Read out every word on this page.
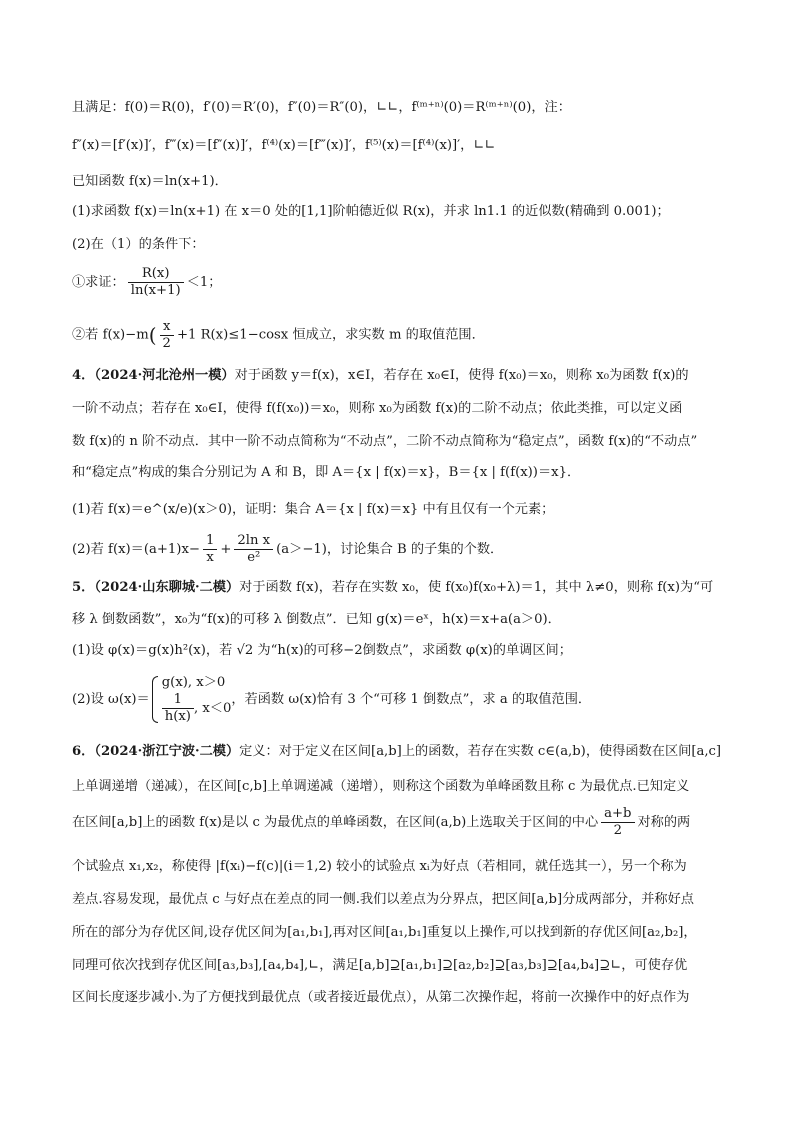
且满足：f(0)＝R(0)，f′(0)＝R′(0)，f″(0)＝R″(0)，∟∟，f⁽ᵐ⁺ⁿ⁾(0)＝R⁽ᵐ⁺ⁿ⁾(0)，注：
f″(x)＝[f′(x)]′，f‴(x)＝[f″(x)]′，f⁽⁴⁾(x)＝[f‴(x)]′，f⁽⁵⁾(x)＝[f⁽⁴⁾(x)]′，∟∟
已知函数 f(x)＝ln(x+1)．
(1)求函数 f(x)＝ln(x+1) 在 x＝0 处的[1,1]阶帕德近似 R(x)，并求 ln1.1 的近似数(精确到 0.001)；
(2)在（1）的条件下：
①求证： $\frac{R(x)}{\ln(x+1)} <1$；
②若 $f(x)-m( \frac{x}{2} +1$ R(x)≤1−cosx 恒成立，求实数 m 的取值范围．
4．（2024·河北沧州一模）对于函数 y＝f(x)，x∈I，若存在 x₀∈I，使得 f(x₀)＝x₀，则称 x₀为函数 f(x)的
一阶不动点；若存在 x₀∈I，使得 f(f(x₀))＝x₀，则称 x₀为函数 f(x)的二阶不动点；依此类推，可以定义函
数 f(x)的 n 阶不动点．其中一阶不动点简称为“不动点”，二阶不动点简称为“稳定点”，函数 f(x)的“不动点”
和“稳定点”构成的集合分别记为 A 和 B，即 A＝{x | f(x)＝x}，B＝{x | f(f(x))＝x}．
(1)若 f(x)＝e^(x/e)(x＞0)，证明：集合 A＝{x | f(x)＝x} 中有且仅有一个元素；
(2)若 $f(x)=(a+1)x- \frac{1}{x} + \frac{\text{2ln x}}{\text{e²}} (a>-1)$，讨论集合 B 的子集的个数．
5．（2024·山东聊城·二模）对于函数 f(x)，若存在实数 x₀，使 f(x₀)f(x₀+λ)＝1，其中 λ≠0，则称 f(x)为“可
移 λ 倒数函数”，x₀为“f(x)的可移 λ 倒数点”．已知 g(x)＝eˣ，h(x)＝x+a(a＞0)．
(1)设 φ(x)＝g(x)h²(x)，若 √2 为“h(x)的可移−2倒数点”，求函数 φ(x)的单调区间；
(2)设 ω(x)＝
g(x), x＞0
$\frac{1}{h(x)}$ , x＜0
，若函数 ω(x)恰有 3 个“可移 1 倒数点”，求 a 的取值范围．
6．（2024·浙江宁波·二模）定义：对于定义在区间[a,b]上的函数，若存在实数 c∈(a,b)，使得函数在区间[a,c]
上单调递增（递减），在区间[c,b]上单调递减（递增），则称这个函数为单峰函数且称 c 为最优点.已知定义
在区间[a,b]上的函数 f(x)是以 c 为最优点的单峰函数，在区间(a,b)上选取关于区间的中心 $\frac{a+b}{2}$ 对称的两
个试验点 x₁,x₂，称使得 |f(xᵢ)−f(c)|(i＝1,2) 较小的试验点 xᵢ为好点（若相同，就任选其一），另一个称为
差点.容易发现，最优点 c 与好点在差点的同一侧.我们以差点为分界点，把区间[a,b]分成两部分，并称好点
所在的部分为存优区间,设存优区间为[a₁,b₁],再对区间[a₁,b₁]重复以上操作,可以找到新的存优区间[a₂,b₂]，
同理可依次找到存优区间[a₃,b₃],[a₄,b₄],∟，满足[a,b]⊇[a₁,b₁]⊇[a₂,b₂]⊇[a₃,b₃]⊇[a₄,b₄]⊇∟，可使存优
区间长度逐步减小.为了方便找到最优点（或者接近最优点），从第二次操作起，将前一次操作中的好点作为
